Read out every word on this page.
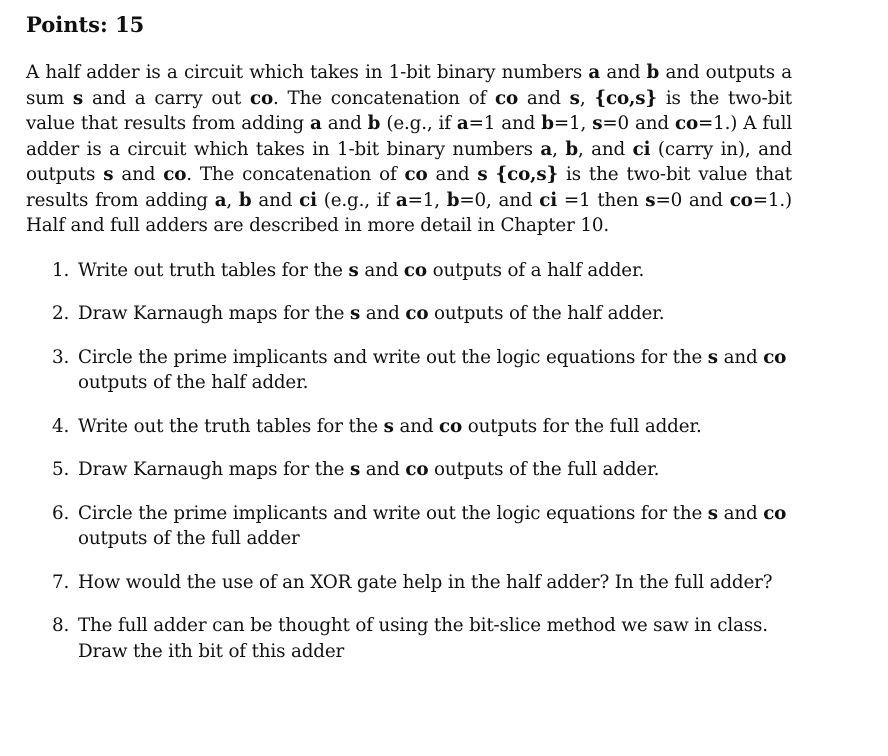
Points: 15

A half adder is a circuit which takes in 1-bit binary numbers a and b and outputs a sum s and a carry out co. The concatenation of co and s, {co,s} is the two-bit value that results from adding a and b (e.g., if a=1 and b=1, s=0 and co=1.) A full adder is a circuit which takes in 1-bit binary numbers a, b, and ci (carry in), and outputs s and co. The concatenation of co and s {co,s} is the two-bit value that results from adding a, b and ci (e.g., if a=1, b=0, and ci =1 then s=0 and co=1.) Half and full adders are described in more detail in Chapter 10.

1. Write out truth tables for the s and co outputs of a half adder.
2. Draw Karnaugh maps for the s and co outputs of the half adder.
3. Circle the prime implicants and write out the logic equations for the s and co outputs of the half adder.
4. Write out the truth tables for the s and co outputs for the full adder.
5. Draw Karnaugh maps for the s and co outputs of the full adder.
6. Circle the prime implicants and write out the logic equations for the s and co outputs of the full adder
7. How would the use of an XOR gate help in the half adder? In the full adder?
8. The full adder can be thought of using the bit-slice method we saw in class. Draw the ith bit of this adder
